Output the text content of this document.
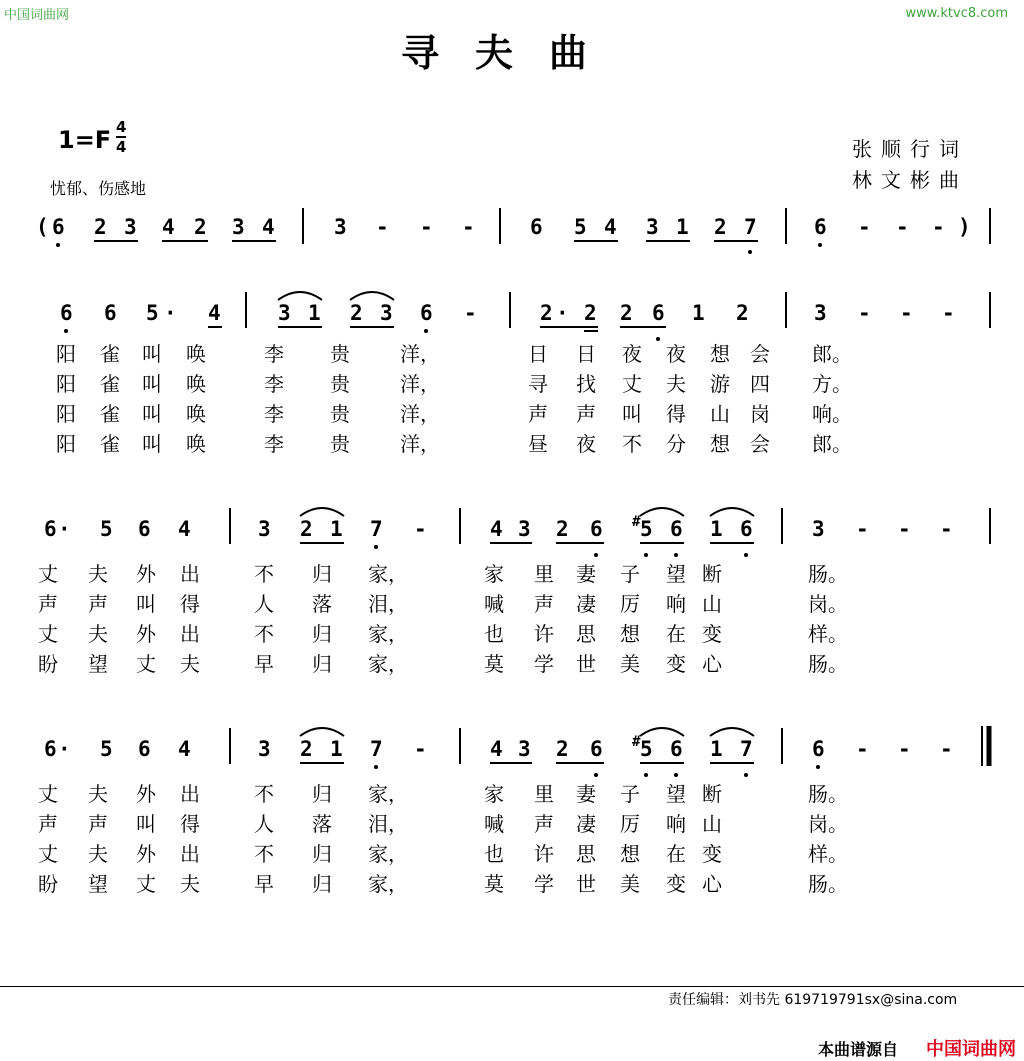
中国词曲网	www.ktvc8.com
寻夫曲
$1=F \frac{4}{4}$
忧郁、伤感地
张顺行词
林文彬曲
( 6 2 3 4 2 3 4	3 - - -	6 5 4 3 1 2 7	6 - - - )
6 6 5 · 4	3 1 2 3 6 -	2 · 2 2 6 1 2	3 - - -
6 · 5 6 4	3 2 1 7 -	4 3 2 6 # 5 6 1 6	3 - - -
6 · 5 6 4	3 2 1 7 -	4 3 2 6 # 5 6 1 7	6 - - -
阳 雀 叫 唤	李 贵	洋，	日 日 夜 夜 想 会 郎。
阳 雀 叫 唤	李 贵	洋，	寻 找 丈 夫 游 四 方。
阳 雀 叫 唤	李 贵	洋，	声 声 叫 得 山 岗 响。
阳 雀 叫 唤	李 贵	洋，	昼 夜 不 分 想 会 郎。
丈 夫 外 出	不 归 家，	家 里 妻 子 望 断	肠。
声 声 叫 得	人 落 泪，	喊 声 凄 厉 响 山	岗。
丈 夫 外 出	不 归 家，	也 许 思 想 在 变	样。
盼 望 丈 夫	早 归 家，	莫 学 世 美 变 心	肠。
丈 夫 外 出	不 归 家，	家 里 妻 子 望 断	肠。
声 声 叫 得	人 落 泪，	喊 声 凄 厉 响 山	岗。
丈 夫 外 出	不 归 家，	也 许 思 想 在 变	样。
盼 望 丈 夫	早 归 家，	莫 学 世 美 变 心	肠。
责任编辑：刘书先 619719791sx@sina.com
本曲谱源自 中国词曲网
